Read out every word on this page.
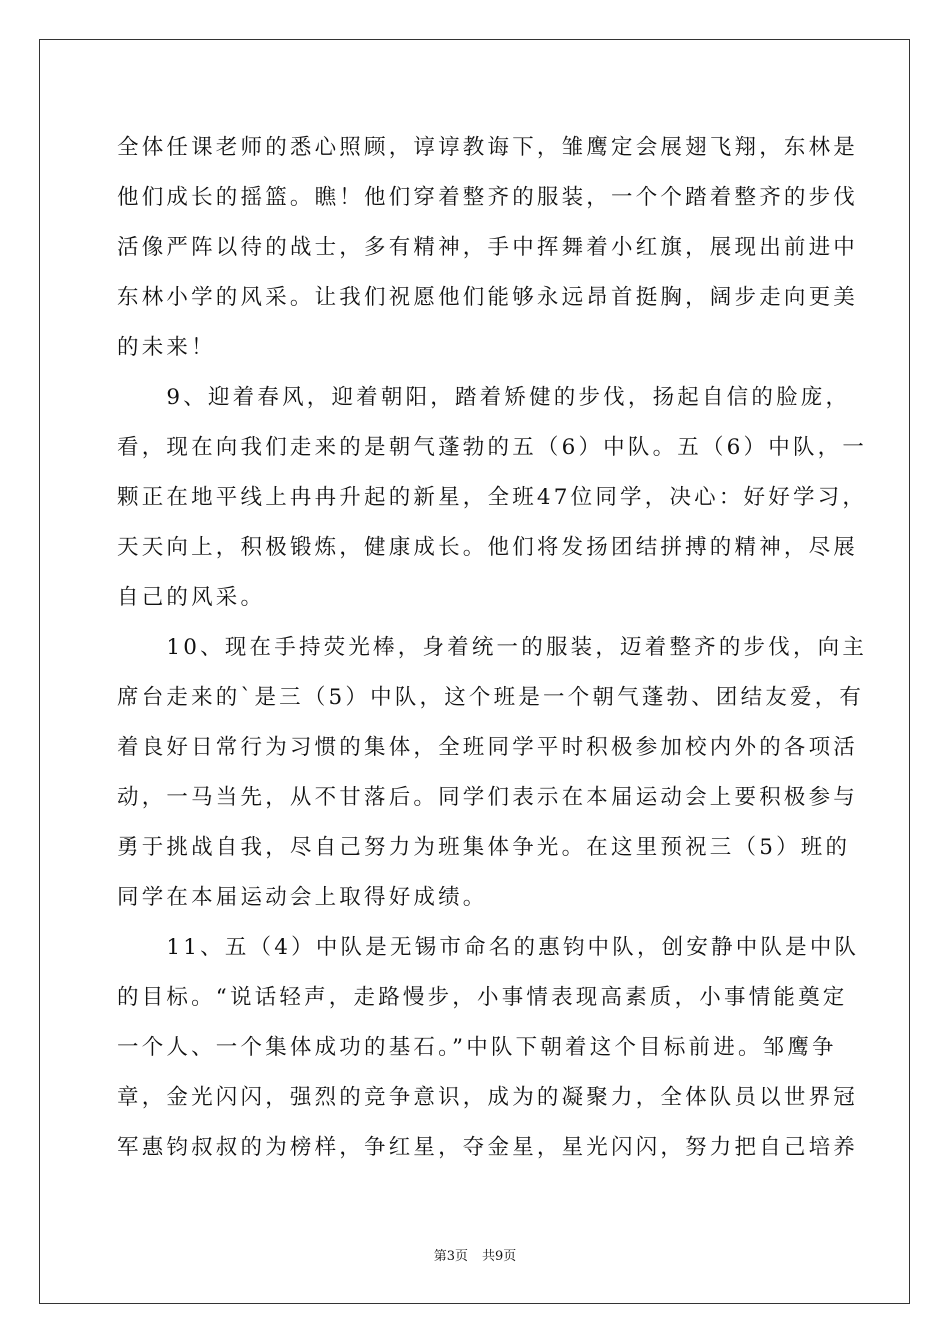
全体任课老师的悉心照顾，谆谆教诲下，雏鹰定会展翅飞翔，东林是
他们成长的摇篮。瞧！他们穿着整齐的服装，一个个踏着整齐的步伐
活像严阵以待的战士，多有精神，手中挥舞着小红旗，展现出前进中
东林小学的风采。让我们祝愿他们能够永远昂首挺胸，阔步走向更美
的未来！
　　9、迎着春风，迎着朝阳，踏着矫健的步伐，扬起自信的脸庞，
看，现在向我们走来的是朝气蓬勃的五（6）中队。五（6）中队，一
颗正在地平线上冉冉升起的新星，全班47位同学，决心：好好学习，
天天向上，积极锻炼，健康成长。他们将发扬团结拼搏的精神，尽展
自己的风采。
　　10、现在手持荧光棒，身着统一的服装，迈着整齐的步伐，向主
席台走来的`是三（5）中队，这个班是一个朝气蓬勃、团结友爱，有
着良好日常行为习惯的集体，全班同学平时积极参加校内外的各项活
动，一马当先，从不甘落后。同学们表示在本届运动会上要积极参与
勇于挑战自我，尽自己努力为班集体争光。在这里预祝三（5）班的
同学在本届运动会上取得好成绩。
　　11、五（4）中队是无锡市命名的惠钧中队，创安静中队是中队
的目标。“说话轻声，走路慢步，小事情表现高素质，小事情能奠定
一个人、一个集体成功的基石。”中队下朝着这个目标前进。邹鹰争
章，金光闪闪，强烈的竞争意识，成为的凝聚力，全体队员以世界冠
军惠钧叔叔的为榜样，争红星，夺金星，星光闪闪，努力把自己培养
第3页 共9页
